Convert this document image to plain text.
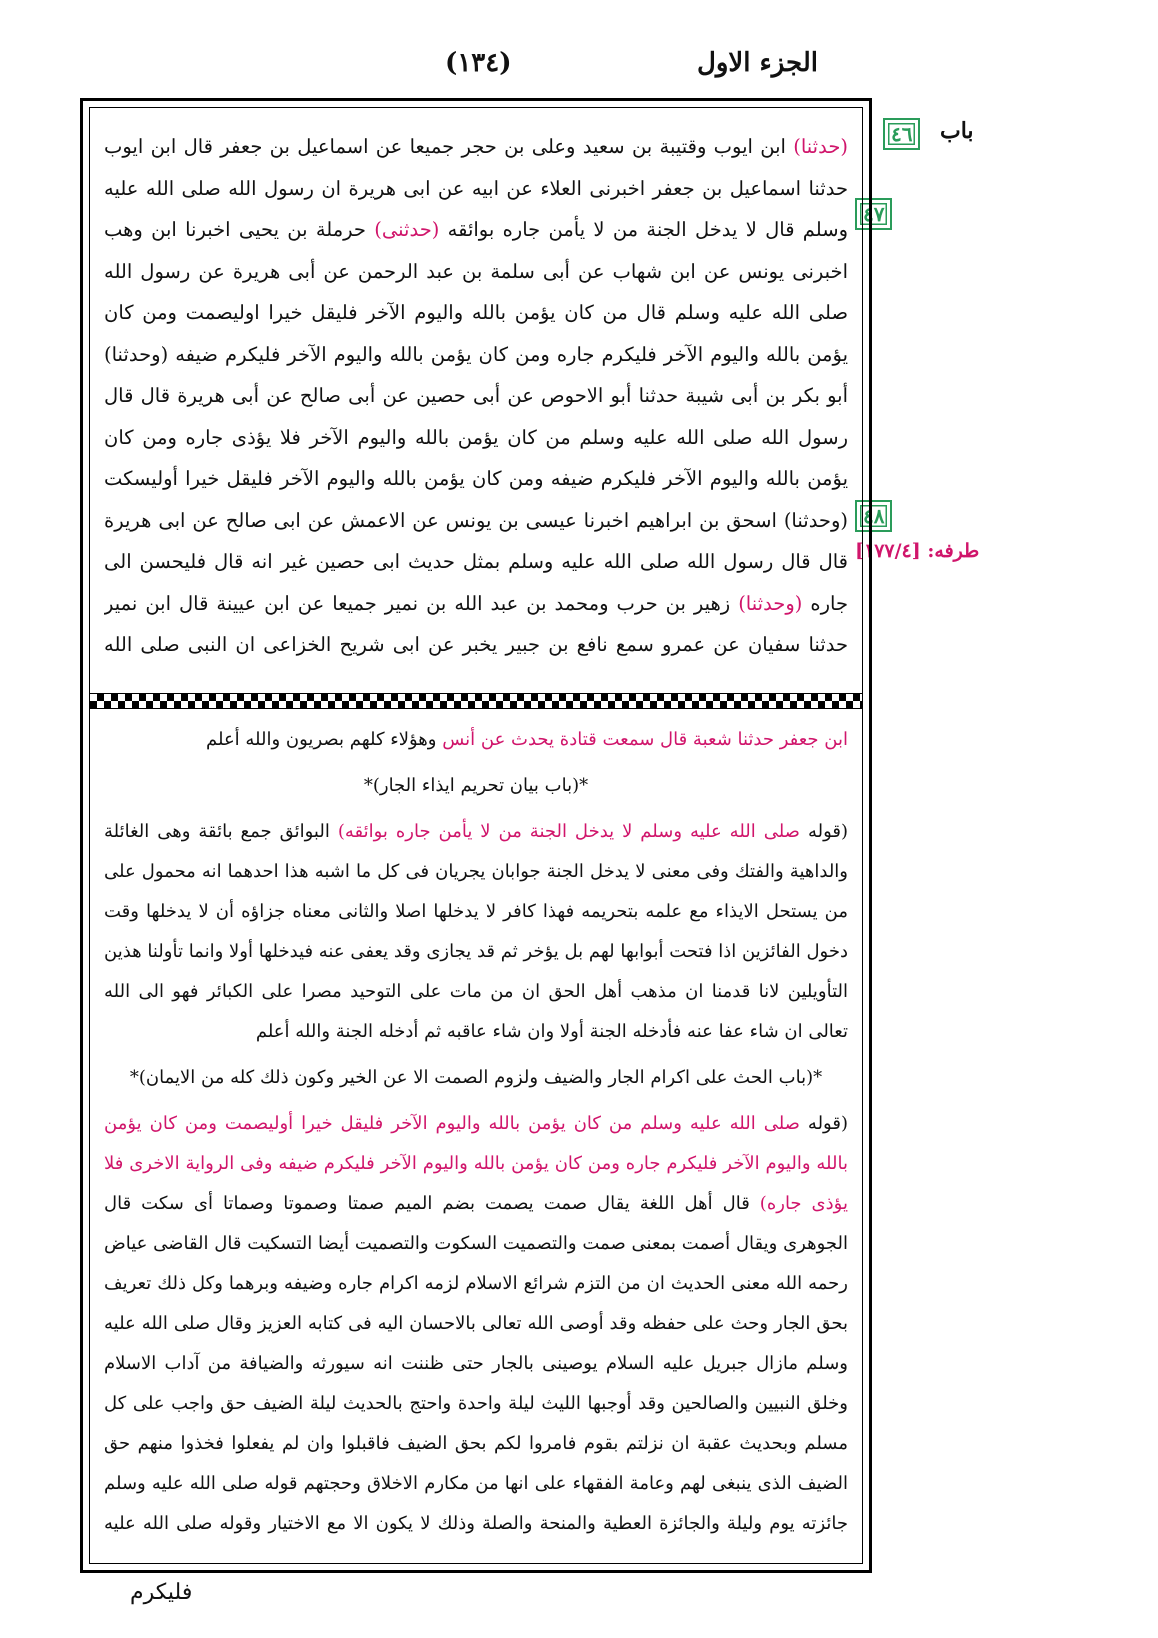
الجزء الاول
(١٣٤)
باب
٤٦
٤٧
٤٨
طرفه: [١٧٧/٤]
(حدثنا) ابن ايوب وقتيبة بن سعيد وعلى بن حجر جميعا عن اسماعيل بن جعفر قال ابن ايوب حدثنا اسماعيل بن جعفر اخبرنى العلاء عن ابيه عن ابى هريرة ان رسول الله صلى الله عليه وسلم قال لا يدخل الجنة من لا يأمن جاره بوائقه (حدثنى) حرملة بن يحيى اخبرنا ابن وهب اخبرنى يونس عن ابن شهاب عن أبى سلمة بن عبد الرحمن عن أبى هريرة عن رسول الله صلى الله عليه وسلم قال من كان يؤمن بالله واليوم الآخر فليقل خيرا اوليصمت ومن كان يؤمن بالله واليوم الآخر فليكرم جاره ومن كان يؤمن بالله واليوم الآخر فليكرم ضيفه (وحدثنا) أبو بكر بن أبى شيبة حدثنا أبو الاحوص عن أبى حصين عن أبى صالح عن أبى هريرة قال قال رسول الله صلى الله عليه وسلم من كان يؤمن بالله واليوم الآخر فلا يؤذى جاره ومن كان يؤمن بالله واليوم الآخر فليكرم ضيفه ومن كان يؤمن بالله واليوم الآخر فليقل خيرا أوليسكت (وحدثنا) اسحق بن ابراهيم اخبرنا عيسى بن يونس عن الاعمش عن ابى صالح عن ابى هريرة قال قال رسول الله صلى الله عليه وسلم بمثل حديث ابى حصين غير انه قال فليحسن الى جاره (وحدثنا) زهير بن حرب ومحمد بن عبد الله بن نمير جميعا عن ابن عيينة قال ابن نمير حدثنا سفيان عن عمرو سمع نافع بن جبير يخبر عن ابى شريح الخزاعى ان النبى صلى الله

ابن جعفر حدثنا شعبة قال سمعت قتادة يحدث عن أنس وهؤلاء كلهم بصريون والله أعلم

*(باب بيان تحريم ايذاء الجار)*

(قوله صلى الله عليه وسلم لا يدخل الجنة من لا يأمن جاره بوائقه) البوائق جمع بائقة وهى الغائلة والداهية والفتك وفى معنى لا يدخل الجنة جوابان يجريان فى كل ما اشبه هذا احدهما انه محمول على من يستحل الايذاء مع علمه بتحريمه فهذا كافر لا يدخلها اصلا والثانى معناه جزاؤه أن لا يدخلها وقت دخول الفائزين اذا فتحت أبوابها لهم بل يؤخر ثم قد يجازى وقد يعفى عنه فيدخلها أولا وانما تأولنا هذين التأويلين لانا قدمنا ان مذهب أهل الحق ان من مات على التوحيد مصرا على الكبائر فهو الى الله تعالى ان شاء عفا عنه فأدخله الجنة أولا وان شاء عاقبه ثم أدخله الجنة والله أعلم

*(باب الحث على اكرام الجار والضيف ولزوم الصمت الا عن الخير وكون ذلك كله من الايمان)*

(قوله صلى الله عليه وسلم من كان يؤمن بالله واليوم الآخر فليقل خيرا أوليصمت ومن كان يؤمن بالله واليوم الآخر فليكرم جاره ومن كان يؤمن بالله واليوم الآخر فليكرم ضيفه وفى الرواية الاخرى فلا يؤذى جاره) قال أهل اللغة يقال صمت يصمت بضم الميم صمتا وصموتا وصماتا أى سكت قال الجوهرى ويقال أصمت بمعنى صمت والتصميت السكوت والتصميت أيضا التسكيت قال القاضى عياض رحمه الله معنى الحديث ان من التزم شرائع الاسلام لزمه اكرام جاره وضيفه وبرهما وكل ذلك تعريف بحق الجار وحث على حفظه وقد أوصى الله تعالى بالاحسان اليه فى كتابه العزيز وقال صلى الله عليه وسلم مازال جبريل عليه السلام يوصينى بالجار حتى ظننت انه سيورثه والضيافة من آداب الاسلام وخلق النبيين والصالحين وقد أوجبها الليث ليلة واحدة واحتج بالحديث ليلة الضيف حق واجب على كل مسلم وبحديث عقبة ان نزلتم بقوم فامروا لكم بحق الضيف فاقبلوا وان لم يفعلوا فخذوا منهم حق الضيف الذى ينبغى لهم وعامة الفقهاء على انها من مكارم الاخلاق وحجتهم قوله صلى الله عليه وسلم جائزته يوم وليلة والجائزة العطية والمنحة والصلة وذلك لا يكون الا مع الاختيار وقوله صلى الله عليه

فليكرم
